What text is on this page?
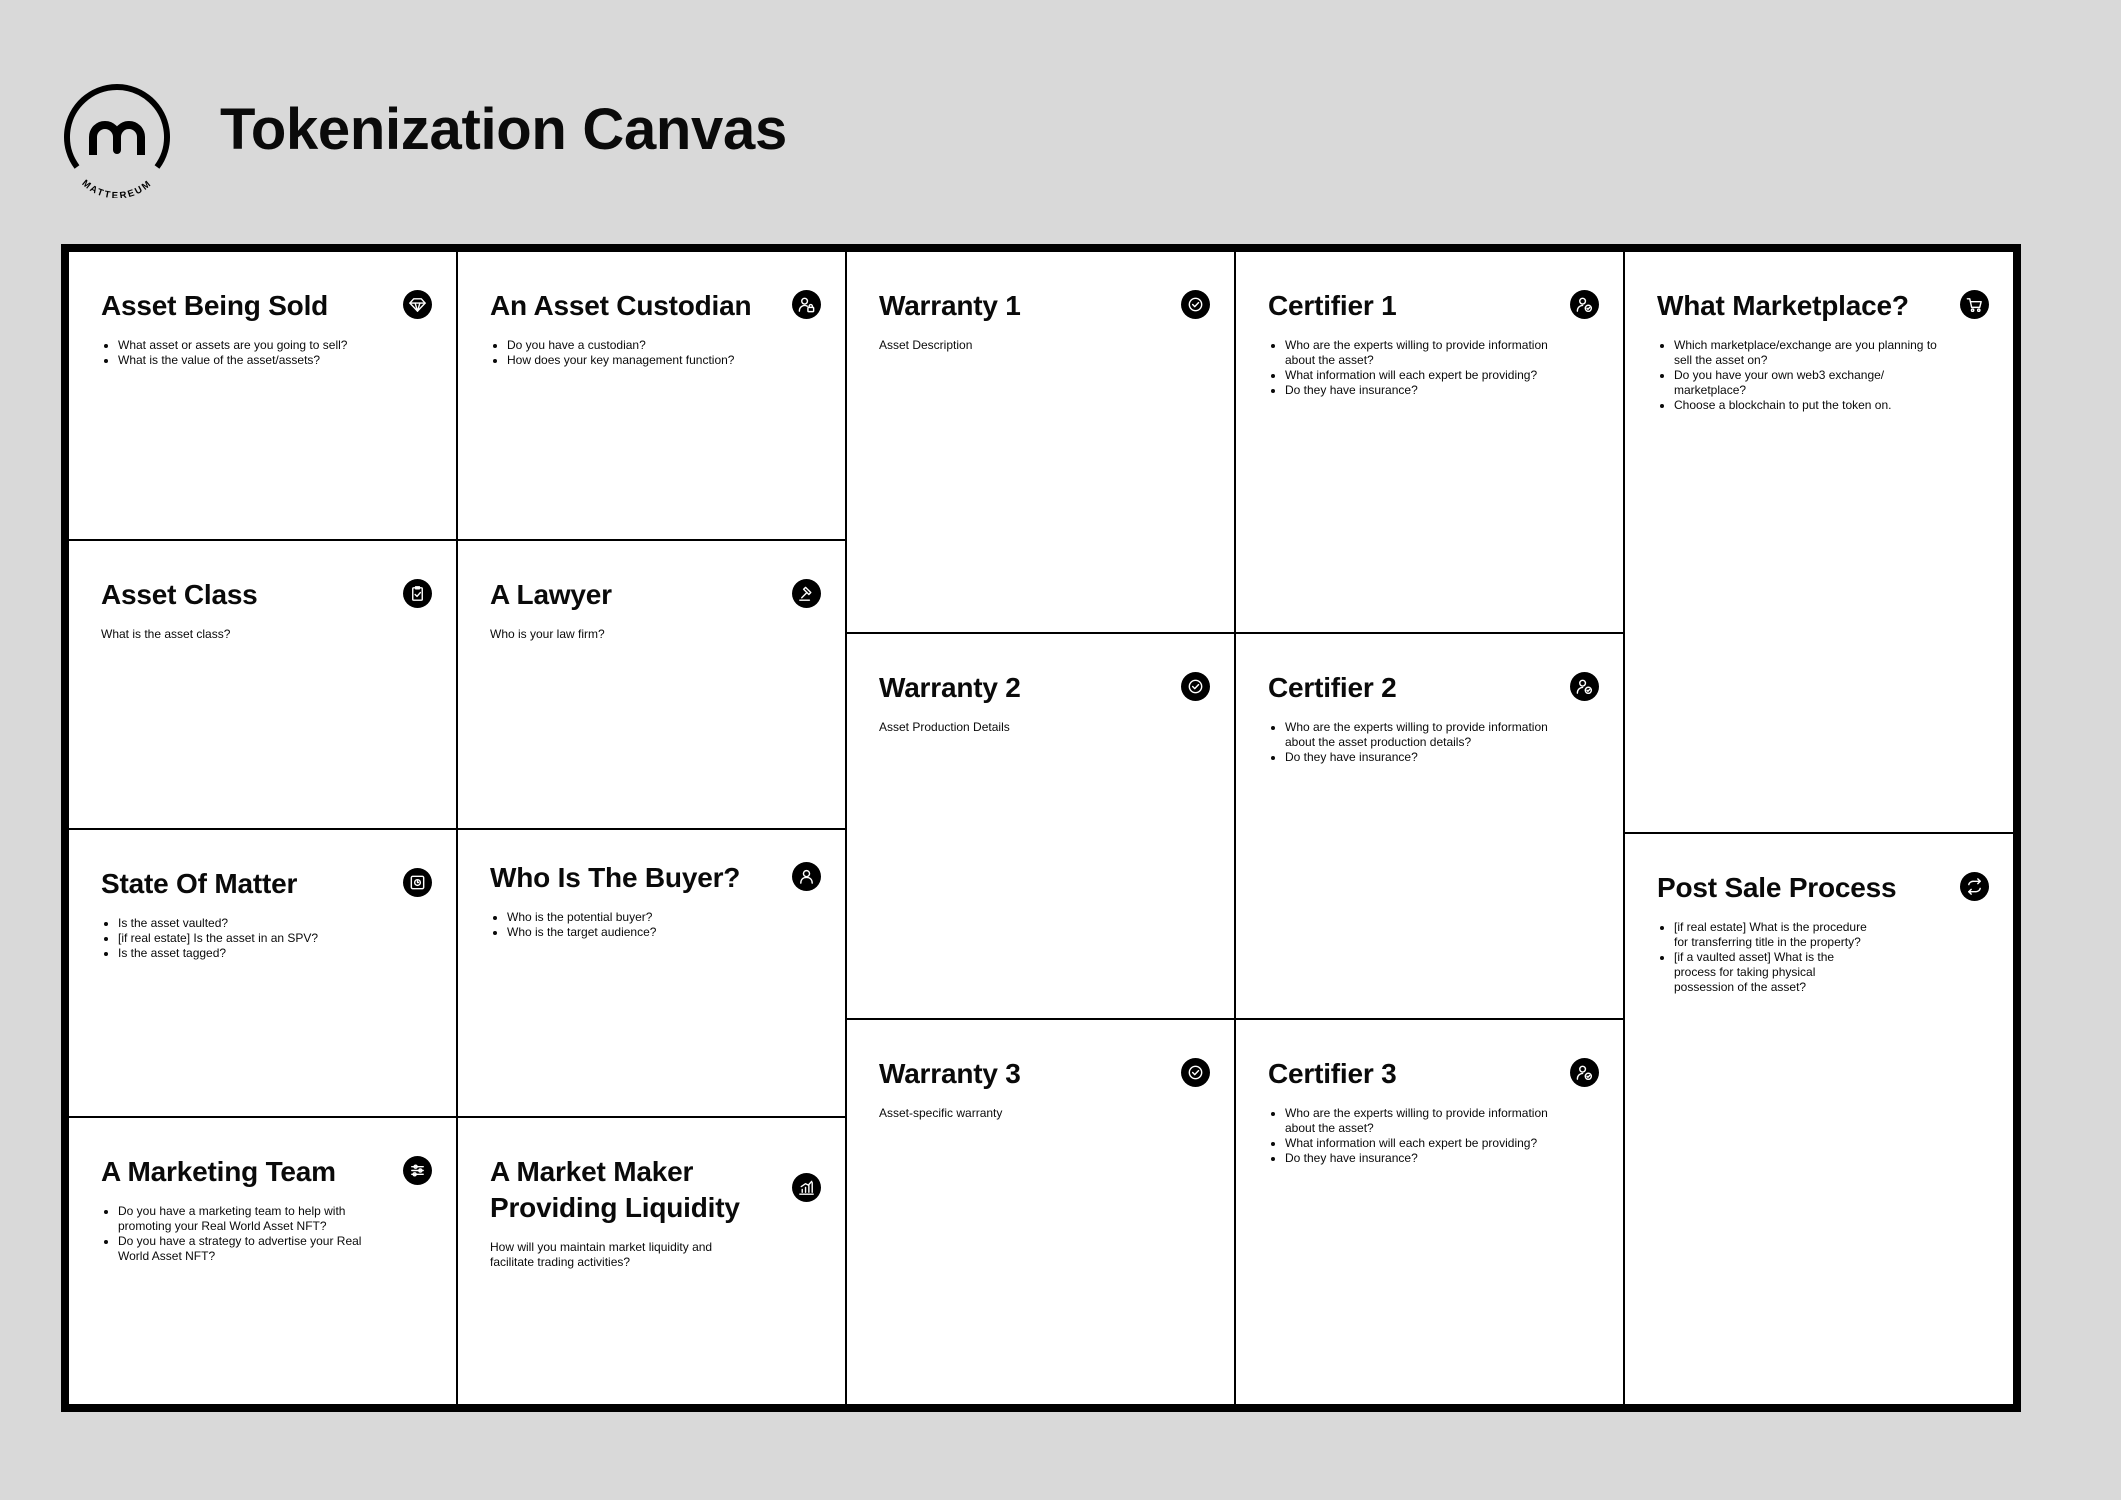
MATTEREUM
Tokenization Canvas
Asset Being Sold
• What asset or assets are you going to sell?
• What is the value of the asset/assets?
Asset Class

What is the asset class?

State Of Matter
• Is the asset vaulted?
• [if real estate] Is the asset in an SPV?
• Is the asset tagged?
A Marketing Team
• Do you have a marketing team to help with promoting your Real World Asset NFT?
• Do you have a strategy to advertise your Real World Asset NFT?
An Asset Custodian
• Do you have a custodian?
• How does your key management function?
A Lawyer

Who is your law firm?

Who Is The Buyer?
• Who is the potential buyer?
• Who is the target audience?
A Market Maker Providing Liquidity

How will you maintain market liquidity and facilitate trading activities?

Warranty 1

Asset Description

Warranty 2

Asset Production Details

Warranty 3

Asset-specific warranty

Certifier 1
• Who are the experts willing to provide information about the asset?
• What information will each expert be providing?
• Do they have insurance?
Certifier 2
• Who are the experts willing to provide information about the asset production details?
• Do they have insurance?
Certifier 3
• Who are the experts willing to provide information about the asset?
• What information will each expert be providing?
• Do they have insurance?
What Marketplace?
• Which marketplace/exchange are you planning to sell the asset on?
• Do you have your own web3 exchange/ marketplace?
• Choose a blockchain to put the token on.
Post Sale Process
• [if real estate] What is the procedure for transferring title in the property?
• [if a vaulted asset] What is the process for taking physical possession of the asset?
